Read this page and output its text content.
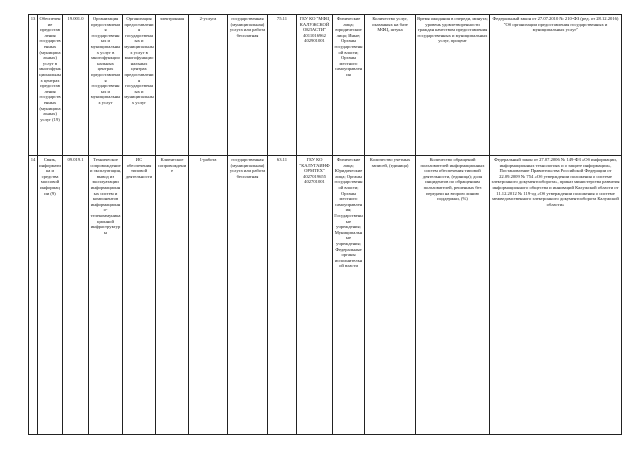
13	Обеспечение предоставления государственных (муниципальных) услуг в многофункциональных центрах предоставления государственных (муниципальных) услуг (19)	19.001.0	Организация предоставления государственных и муниципальных услуг в многофункциональных центрах предоставления государственных и муниципальных услуг	Организация предоставления государственных и муниципальных услуг в многофункциональных центрах предоставления государственных и муниципальных услуг	электронная	2-услуга	государственная (муниципальная) услуга или работа бесплатная	75.11	ГБУ КО "МФЦ КАЛУЖСКОЙ ОБЛАСТИ" 4011016962 402901001	Физические лица; юридические лица; Иные; Органы государственной власти; Органы местного самоуправления	Количество услуг, оказанных на базе МФЦ, штука	Время ожидания в очереди, минута; уровень удовлетворенности граждан качеством предоставления государственных и муниципальных услуг, процент	Федеральный закон от 27.07.2010 № 210-ФЗ (ред. от 28.12.2016) "Об организации предоставления государственных и муниципальных услуг"
14	Связь, информатика и средства массовой информации (9)	09.019.1	Техническое сопровождение и эксплуатация, вывод из эксплуатации информационных систем и компонентов информационно-телекоммуникационной инфраструктуры	ИС обеспечения типовой деятельности	Клиентское сопровождение	1-работа	государственная (муниципальная) услуга или работа бесплатная	63.11	ГБУ КО "КАЛУГАИНФОРМТЕХ" 4027019655 402701001	Физические лица; Юридические лица; Органы государственной власти; Органы местного самоуправления; Государственные учреждения; Муниципальные учреждения; Федеральные органы исполнительной власти	Количество учетных записей, (единица)	Количество обращений пользователей информационных систем обеспечения типовой деятельности, (единица); доля инцидентов по обращениям пользователей, решенных без передачи на второю линию поддержки, (%)	Федеральный закон от 27.07.2006 № 149-ФЗ «Об информации, информационных технологиях и о защите информации», Постановление Правительства Российской Федерации от 22.09.2009 № 754 «Об утверждении положения о системе электронного документооборота», приказ министерства развития информационного общества и инноваций Калужской области от 11.12.2012 № 119-од «Об утверждении положения о системе межведомственного электронного документооборота Калужской области»
